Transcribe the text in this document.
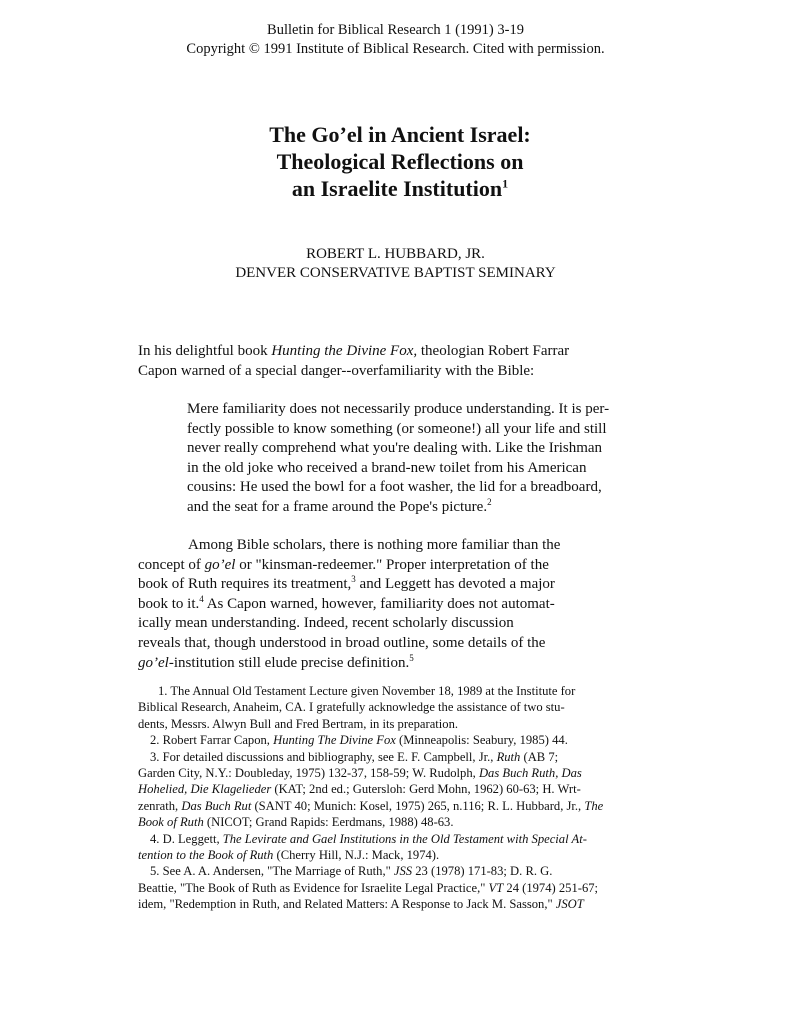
Bulletin for Biblical Research 1 (1991) 3-19
Copyright © 1991 Institute of Biblical Research. Cited with permission.
The Go’el in Ancient Israel:
Theological Reflections on
an Israelite Institution$^1$
ROBERT L. HUBBARD, JR.
DENVER CONSERVATIVE BAPTIST SEMINARY
In his delightful book Hunting the Divine Fox, theologian Robert Farrar
Capon warned of a special danger--overfamiliarity with the Bible:
Mere familiarity does not necessarily produce understanding. It is per-
fectly possible to know something (or someone!) all your life and still
never really comprehend what you're dealing with. Like the Irishman
in the old joke who received a brand-new toilet from his American
cousins: He used the bowl for a foot washer, the lid for a breadboard,
and the seat for a frame around the Pope's picture.$^2$
Among Bible scholars, there is nothing more familiar than the
concept of go’el or "kinsman-redeemer." Proper interpretation of the
book of Ruth requires its treatment,$^3$ and Leggett has devoted a major
book to it.$^4$ As Capon warned, however, familiarity does not automat-
ically mean understanding. Indeed, recent scholarly discussion
reveals that, though understood in broad outline, some details of the
go’el-institution still elude precise definition.$^5$
1. The Annual Old Testament Lecture given November 18, 1989 at the Institute for
Biblical Research, Anaheim, CA. I gratefully acknowledge the assistance of two stu-
dents, Messrs. Alwyn Bull and Fred Bertram, in its preparation.
2. Robert Farrar Capon, Hunting The Divine Fox (Minneapolis: Seabury, 1985) 44.
3. For detailed discussions and bibliography, see E. F. Campbell, Jr., Ruth (AB 7;
Garden City, N.Y.: Doubleday, 1975) 132-37, 158-59; W. Rudolph, Das Buch Ruth, Das
Hohelied, Die Klagelieder (KAT; 2nd ed.; Gutersloh: Gerd Mohn, 1962) 60-63; H. Wrt-
zenrath, Das Buch Rut (SANT 40; Munich: Kosel, 1975) 265, n.116; R. L. Hubbard, Jr., The
Book of Ruth (NICOT; Grand Rapids: Eerdmans, 1988) 48-63.
4. D. Leggett, The Levirate and Gael Institutions in the Old Testament with Special At-
tention to the Book of Ruth (Cherry Hill, N.J.: Mack, 1974).
5. See A. A. Andersen, "The Marriage of Ruth," JSS 23 (1978) 171-83; D. R. G.
Beattie, "The Book of Ruth as Evidence for Israelite Legal Practice," VT 24 (1974) 251-67;
idem, "Redemption in Ruth, and Related Matters: A Response to Jack M. Sasson," JSOT
